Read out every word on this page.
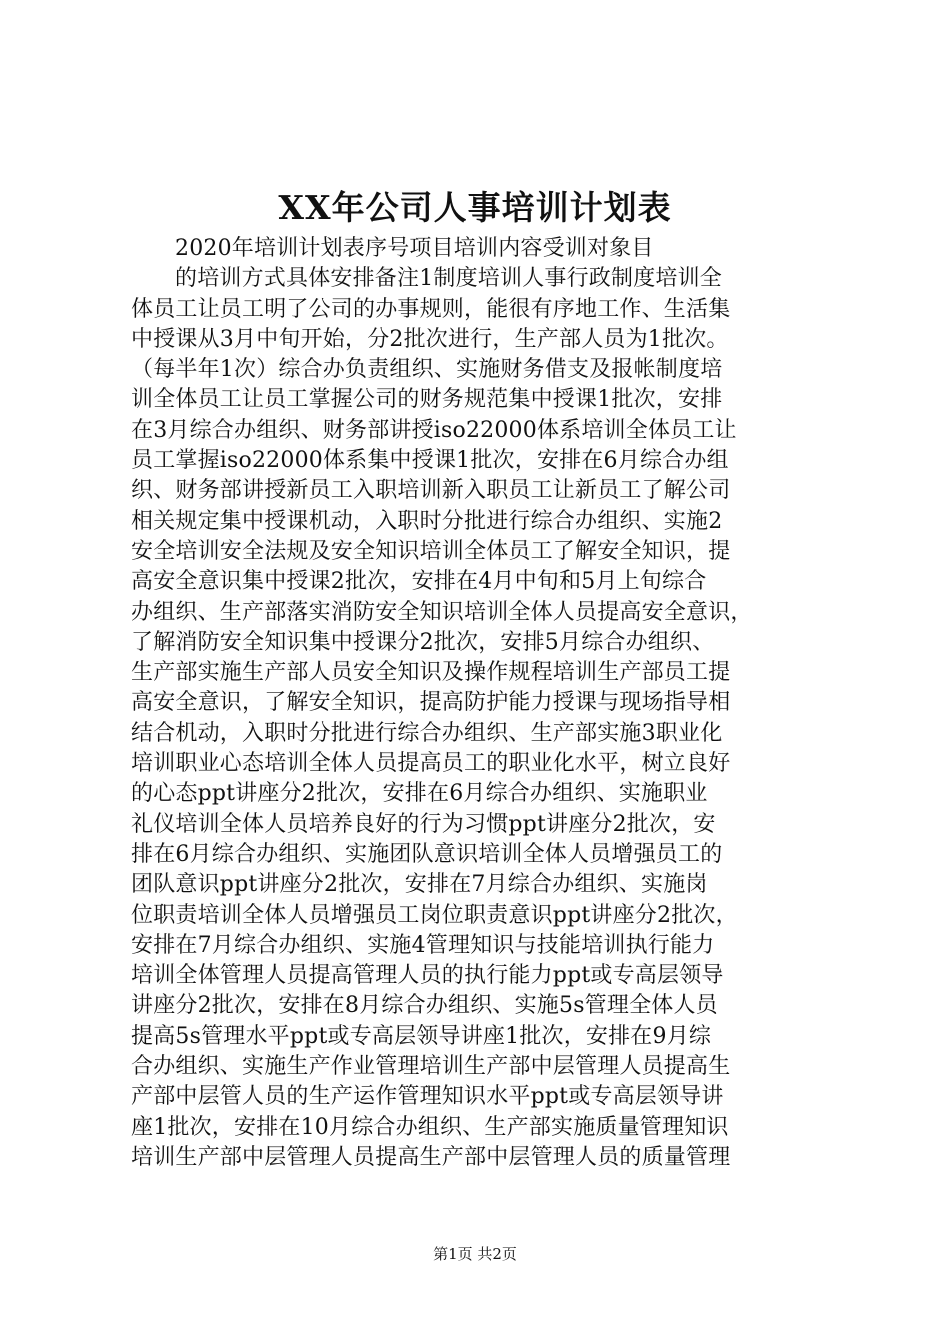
XX年公司人事培训计划表
2020年培训计划表序号项目培训内容受训对象目
的培训方式具体安排备注1制度培训人事行政制度培训全
体员工让员工明了公司的办事规则，能很有序地工作、生活集
中授课从3月中旬开始，分2批次进行，生产部人员为1批次。
（每半年1次）综合办负责组织、实施财务借支及报帐制度培
训全体员工让员工掌握公司的财务规范集中授课1批次，安排
在3月综合办组织、财务部讲授iso22000体系培训全体员工让
员工掌握iso22000体系集中授课1批次，安排在6月综合办组
织、财务部讲授新员工入职培训新入职员工让新员工了解公司
相关规定集中授课机动，入职时分批进行综合办组织、实施2
安全培训安全法规及安全知识培训全体员工了解安全知识，提
高安全意识集中授课2批次，安排在4月中旬和5月上旬综合
办组织、生产部落实消防安全知识培训全体人员提高安全意识，
了解消防安全知识集中授课分2批次，安排5月综合办组织、
生产部实施生产部人员安全知识及操作规程培训生产部员工提
高安全意识，了解安全知识，提高防护能力授课与现场指导相
结合机动，入职时分批进行综合办组织、生产部实施3职业化
培训职业心态培训全体人员提高员工的职业化水平，树立良好
的心态ppt讲座分2批次，安排在6月综合办组织、实施职业
礼仪培训全体人员培养良好的行为习惯ppt讲座分2批次，安
排在6月综合办组织、实施团队意识培训全体人员增强员工的
团队意识ppt讲座分2批次，安排在7月综合办组织、实施岗
位职责培训全体人员增强员工岗位职责意识ppt讲座分2批次，
安排在7月综合办组织、实施4管理知识与技能培训执行能力
培训全体管理人员提高管理人员的执行能力ppt或专高层领导
讲座分2批次，安排在8月综合办组织、实施5s管理全体人员
提高5s管理水平ppt或专高层领导讲座1批次，安排在9月综
合办组织、实施生产作业管理培训生产部中层管理人员提高生
产部中层管人员的生产运作管理知识水平ppt或专高层领导讲
座1批次，安排在10月综合办组织、生产部实施质量管理知识
培训生产部中层管理人员提高生产部中层管理人员的质量管理
第1页 共2页
